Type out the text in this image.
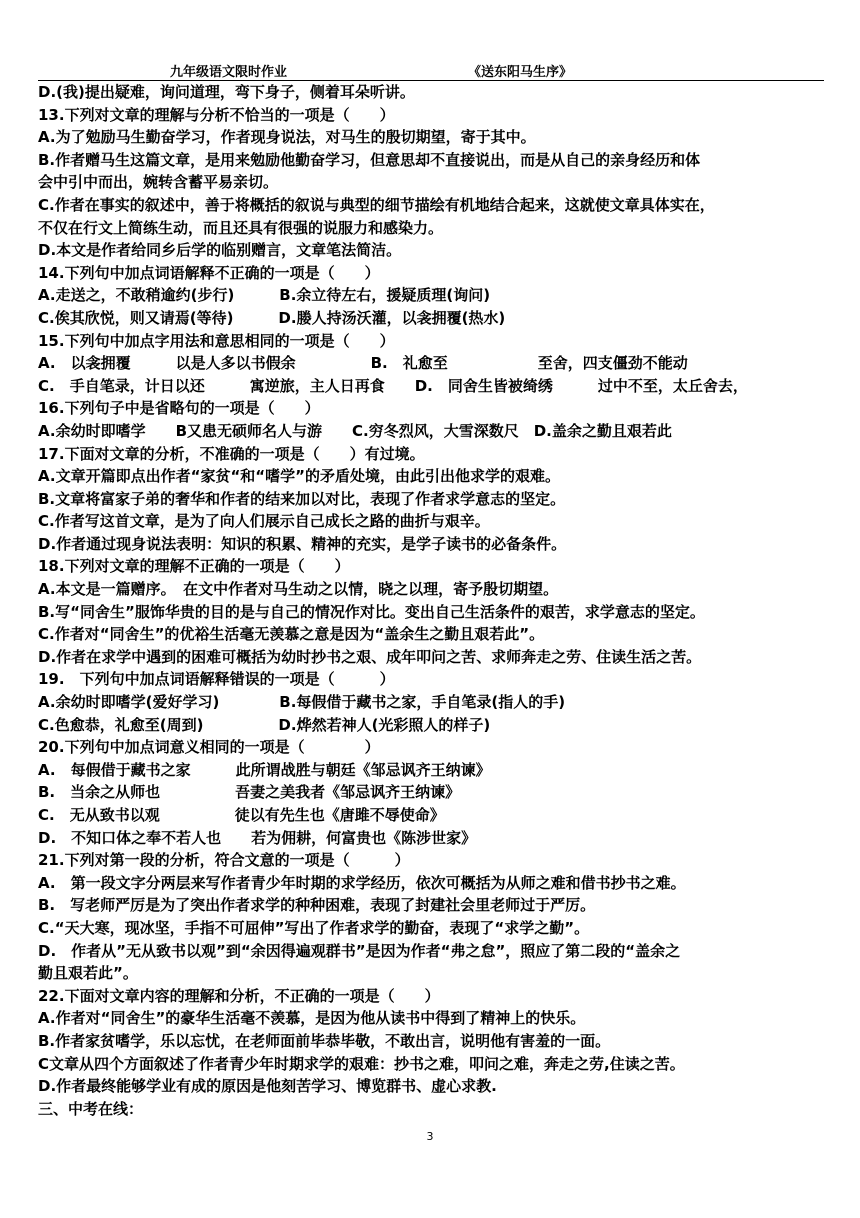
九年级语文限时作业	《送东阳马生序》
D.(我)提出疑难，询问道理，弯下身子，侧着耳朵听讲。
13.下列对文章的理解与分析不恰当的一项是（　　）
A.为了勉励马生勤奋学习，作者现身说法，对马生的殷切期望，寄于其中。
B.作者赠马生这篇文章，是用来勉励他勤奋学习，但意思却不直接说出，而是从自己的亲身经历和体
会中引中而出，婉转含蓄平易亲切。
C.作者在事实的叙述中，善于将概括的叙说与典型的细节描绘有机地结合起来，这就使文章具体实在，
不仅在行文上简练生动，而且还具有很强的说服力和感染力。
D.本文是作者给同乡后学的临别赠言，文章笔法简洁。
14.下列句中加点词语解释不正确的一项是（　　）
A.走送之，不敢稍逾约(步行)　　　B.余立待左右，援疑质理(询问)
C.俟其欣悦，则又请焉(等待)　　　D.媵人持汤沃灌，以衾拥覆(热水)
15.下列句中加点字用法和意思相同的一项是（　　）
A.　以衾拥覆　　　以是人多以书假余　　　　　B.　礼愈至　　　　　　至舍，四支僵劲不能动
C.　手自笔录，计日以还　　　寓逆旅，主人日再食　　D.　同舍生皆被绮绣　　　过中不至，太丘舍去，
16.下列句子中是省略句的一项是（　　）
A.余幼时即嗜学　　B又患无硕师名人与游　　C.穷冬烈风，大雪深数尺　D.盖余之勤且艰若此
17.下面对文章的分析，不准确的一项是（　　）有过境。
A.文章开篇即点出作者“家贫“和“嗜学”的矛盾处境，由此引出他求学的艰难。
B.文章将富家子弟的奢华和作者的结来加以对比，表现了作者求学意志的坚定。
C.作者写这首文章，是为了向人们展示自己成长之路的曲折与艰辛。
D.作者通过现身说法表明：知识的积累、精神的充实，是学子读书的必备条件。
18.下列对文章的理解不正确的一项是（　　）
A.本文是一篇赠序。　在文中作者对马生动之以情，晓之以理，寄予殷切期望。
B.写“同舍生”服饰华贵的目的是与自己的情况作对比。变出自己生活条件的艰苦，求学意志的坚定。
C.作者对“同舍生”的优裕生活毫无羡慕之意是因为“盖余生之勤且艰若此”。
D.作者在求学中遇到的困难可概括为幼时抄书之艰、成年叩问之苦、求师奔走之劳、住读生活之苦。
19.　下列句中加点词语解释错误的一项是（　　　）
A.余幼时即嗜学(爱好学习)　　　　B.每假借于藏书之家，手自笔录(指人的手)
C.色愈恭，礼愈至(周到)　　　　　D.烨然若神人(光彩照人的样子)
20.下列句中加点词意义相同的一项是（　　　　）
A.　每假借于藏书之家　　　此所谓战胜与朝廷《邹忌讽齐王纳谏》
B.　当余之从师也　　　　　吾妻之美我者《邹忌讽齐王纳谏》
C.　无从致书以观　　　　　徒以有先生也《唐雎不辱使命》
D.　不知口体之奉不若人也　　若为佣耕，何富贵也《陈涉世家》
21.下列对第一段的分析，符合文意的一项是（　　　）
A.　第一段文字分两层来写作者青少年时期的求学经历，依次可概括为从师之难和借书抄书之难。
B.　写老师严厉是为了突出作者求学的种种困难，表现了封建社会里老师过于严厉。
C.“天大寒，现冰坚，手指不可屈伸”写出了作者求学的勤奋，表现了“求学之勤”。
D.　作者从”无从致书以观”到“余因得遍观群书”是因为作者“弗之怠”，照应了第二段的“盖余之
勤且艰若此”。
22.下面对文章内容的理解和分析，不正确的一项是（　　）
A.作者对“同舍生”的豪华生活毫不羡慕，是因为他从读书中得到了精神上的快乐。
B.作者家贫嗜学，乐以忘忧，在老师面前毕恭毕敬，不敢出言，说明他有害羞的一面。
C文章从四个方面叙述了作者青少年时期求学的艰难：抄书之难，叩问之难，奔走之劳,住读之苦。
D.作者最终能够学业有成的原因是他刻苦学习、博览群书、虚心求教.
三、中考在线：
3
